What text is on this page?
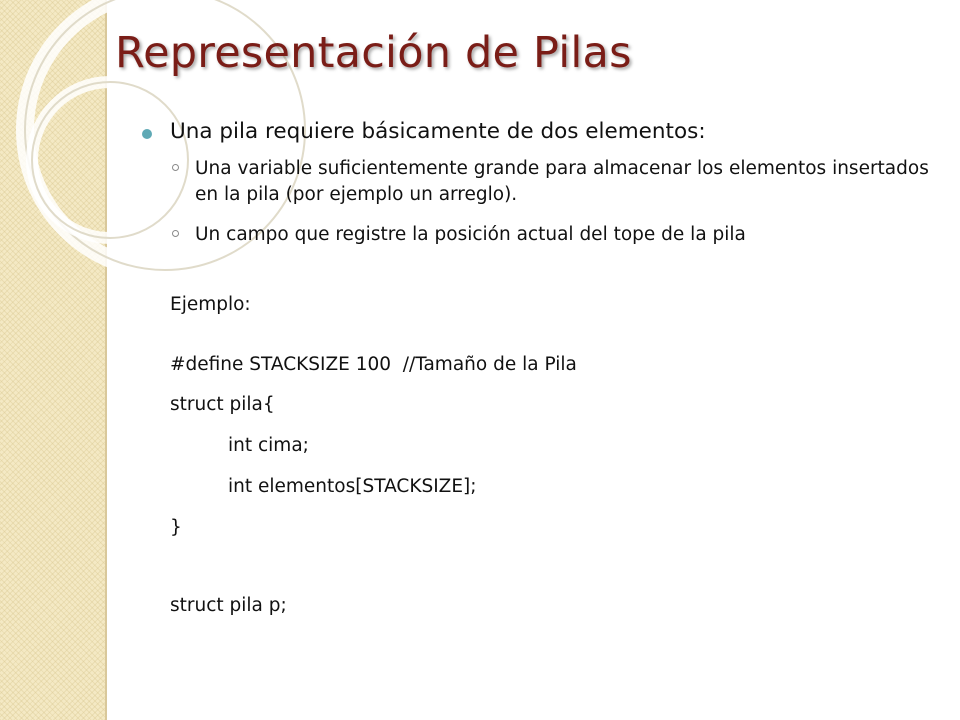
Representación de Pilas
Una pila requiere básicamente de dos elementos:
Una variable suficientemente grande para almacenar los elementos insertados en la pila (por ejemplo un arreglo).
Un campo que registre la posición actual del tope de la pila

Ejemplo:

#define STACKSIZE 100  //Tamaño de la Pila

struct pila{

int cima;

int elementos[STACKSIZE];

}

struct pila p;
